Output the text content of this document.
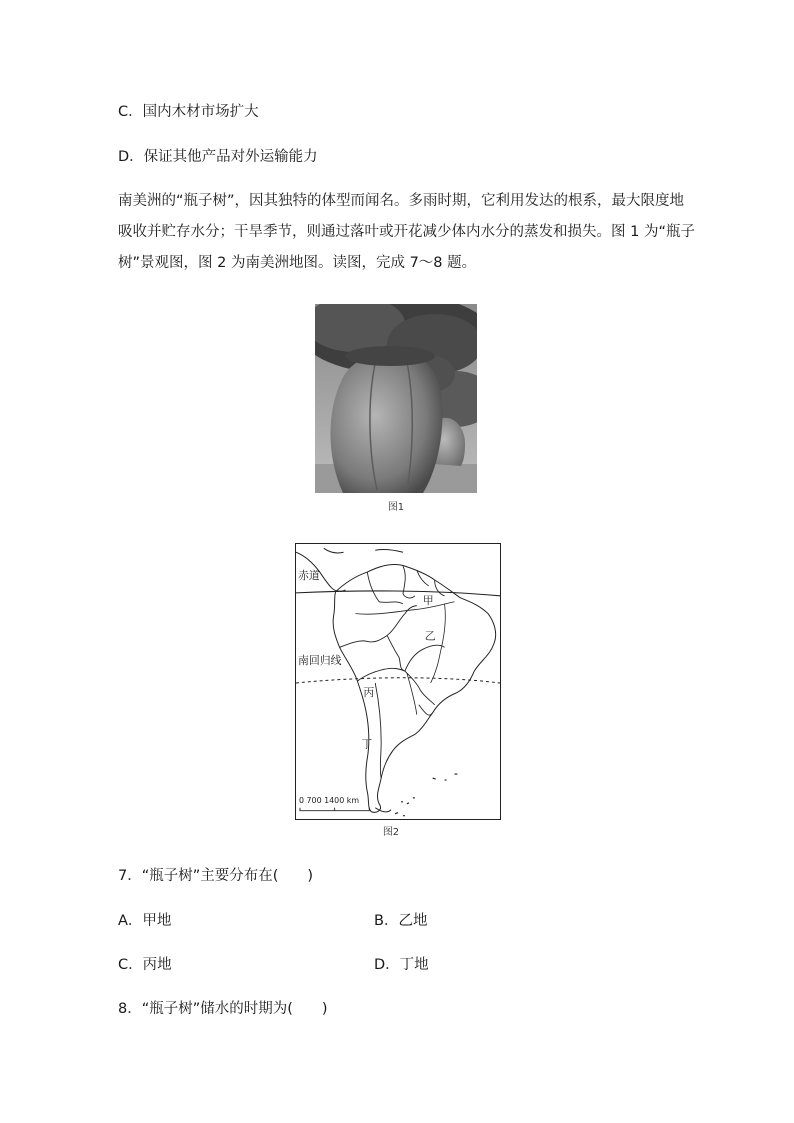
C．国内木材市场扩大
D．保证其他产品对外运输能力
南美洲的“瓶子树”，因其独特的体型而闻名。多雨时期，它利用发达的根系，最大限度地
吸收并贮存水分；干旱季节，则通过落叶或开花减少体内水分的蒸发和损失。图 1 为“瓶子
树”景观图，图 2 为南美洲地图。读图，完成 7～8 题。
图1
赤道
南回归线
甲
乙
丙
丁
0 700 1400 km
图2
7．“瓶子树”主要分布在(　　)
A．甲地	B．乙地
C．丙地	D．丁地
8．“瓶子树”储水的时期为(　　)
